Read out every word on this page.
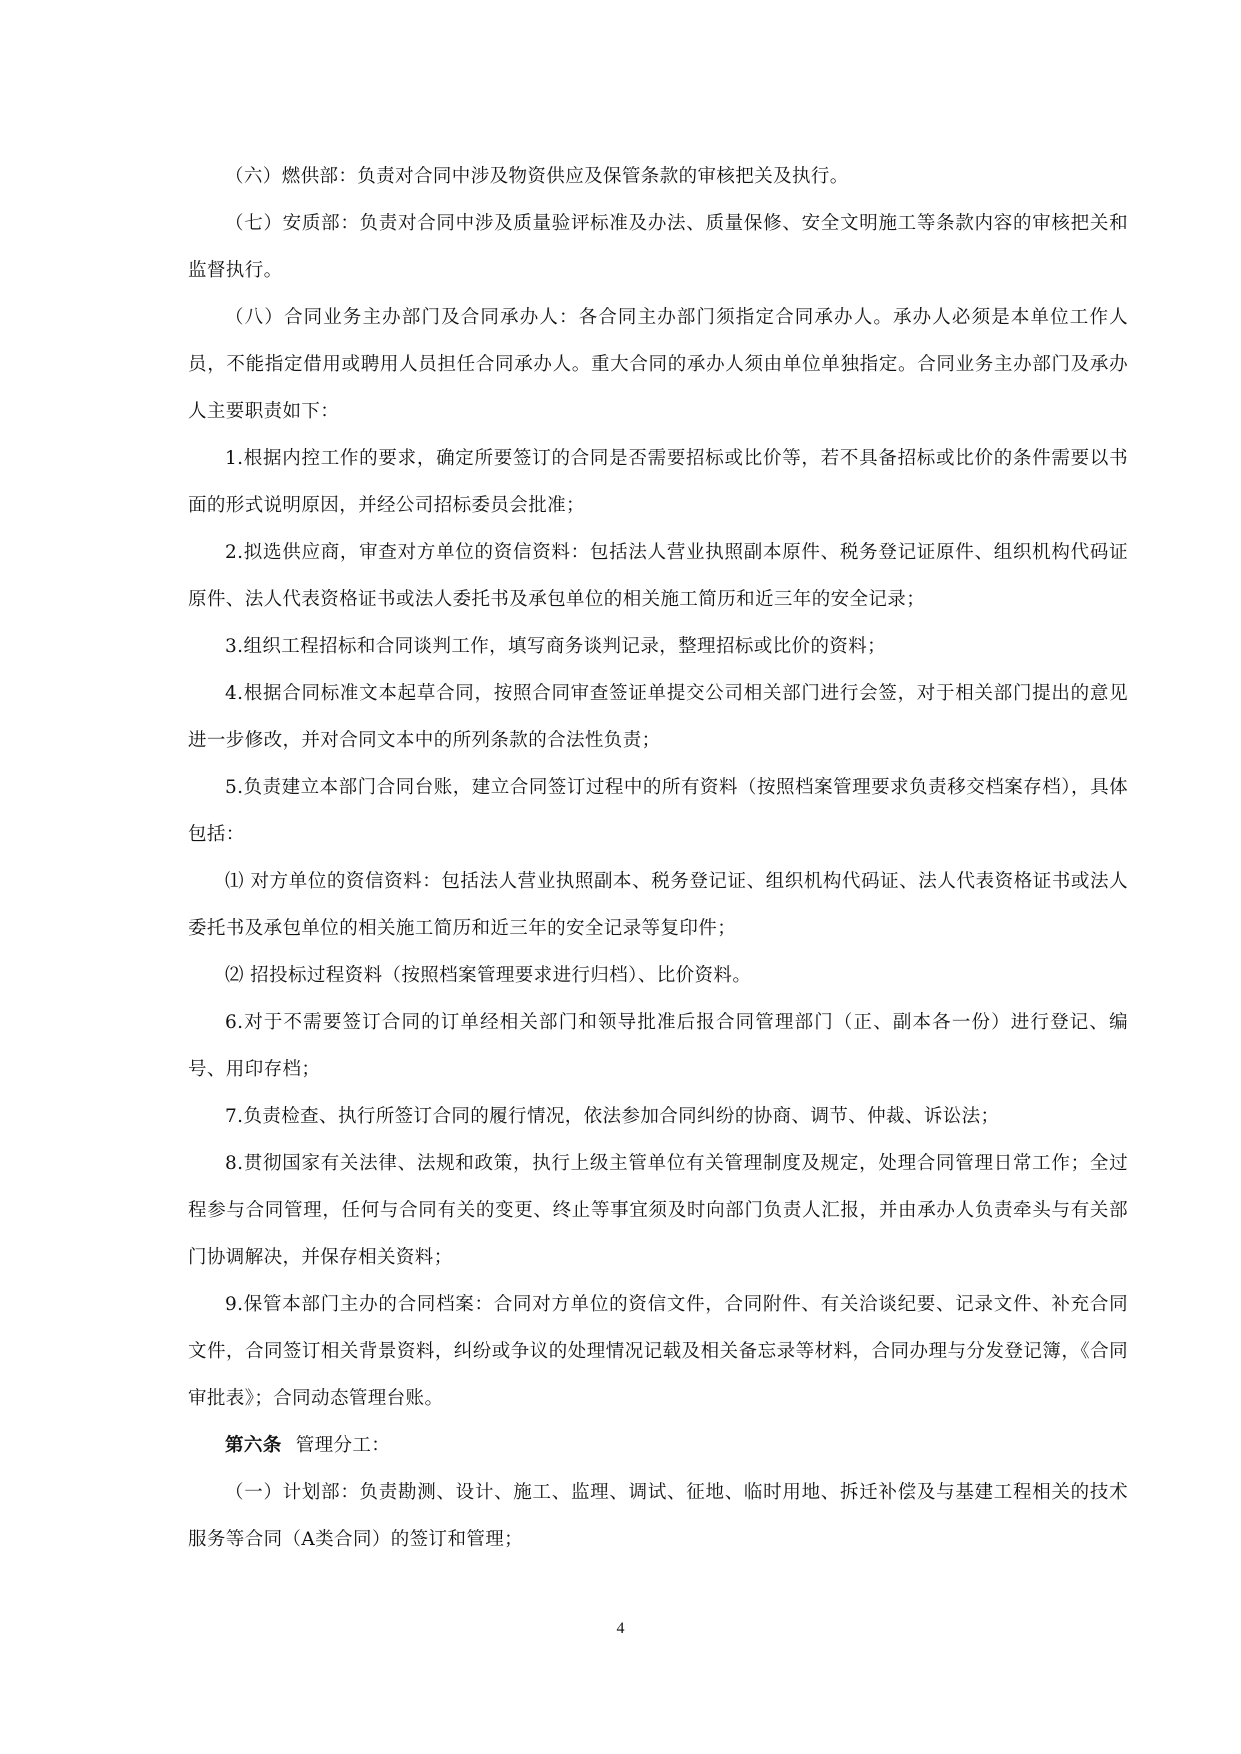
（六）燃供部：负责对合同中涉及物资供应及保管条款的审核把关及执行。

（七）安质部：负责对合同中涉及质量验评标准及办法、质量保修、安全文明施工等条款内容的审核把关和监督执行。

（八）合同业务主办部门及合同承办人：各合同主办部门须指定合同承办人。承办人必须是本单位工作人员，不能指定借用或聘用人员担任合同承办人。重大合同的承办人须由单位单独指定。合同业务主办部门及承办人主要职责如下：

1.根据内控工作的要求，确定所要签订的合同是否需要招标或比价等，若不具备招标或比价的条件需要以书面的形式说明原因，并经公司招标委员会批准；

2.拟选供应商，审查对方单位的资信资料：包括法人营业执照副本原件、税务登记证原件、组织机构代码证原件、法人代表资格证书或法人委托书及承包单位的相关施工简历和近三年的安全记录；

3.组织工程招标和合同谈判工作，填写商务谈判记录，整理招标或比价的资料；

4.根据合同标准文本起草合同，按照合同审查签证单提交公司相关部门进行会签，对于相关部门提出的意见进一步修改，并对合同文本中的所列条款的合法性负责；

5.负责建立本部门合同台账，建立合同签订过程中的所有资料（按照档案管理要求负责移交档案存档），具体包括：

⑴ 对方单位的资信资料：包括法人营业执照副本、税务登记证、组织机构代码证、法人代表资格证书或法人委托书及承包单位的相关施工简历和近三年的安全记录等复印件；

⑵ 招投标过程资料（按照档案管理要求进行归档）、比价资料。

6.对于不需要签订合同的订单经相关部门和领导批准后报合同管理部门（正、副本各一份）进行登记、编号、用印存档；

7.负责检查、执行所签订合同的履行情况，依法参加合同纠纷的协商、调节、仲裁、诉讼法；

8.贯彻国家有关法律、法规和政策，执行上级主管单位有关管理制度及规定，处理合同管理日常工作；全过程参与合同管理，任何与合同有关的变更、终止等事宜须及时向部门负责人汇报，并由承办人负责牵头与有关部门协调解决，并保存相关资料；

9.保管本部门主办的合同档案：合同对方单位的资信文件，合同附件、有关洽谈纪要、记录文件、补充合同文件，合同签订相关背景资料，纠纷或争议的处理情况记载及相关备忘录等材料，合同办理与分发登记簿，《合同审批表》；合同动态管理台账。

第六条 管理分工：

（一）计划部：负责勘测、设计、施工、监理、调试、征地、临时用地、拆迁补偿及与基建工程相关的技术服务等合同（A类合同）的签订和管理；

4
